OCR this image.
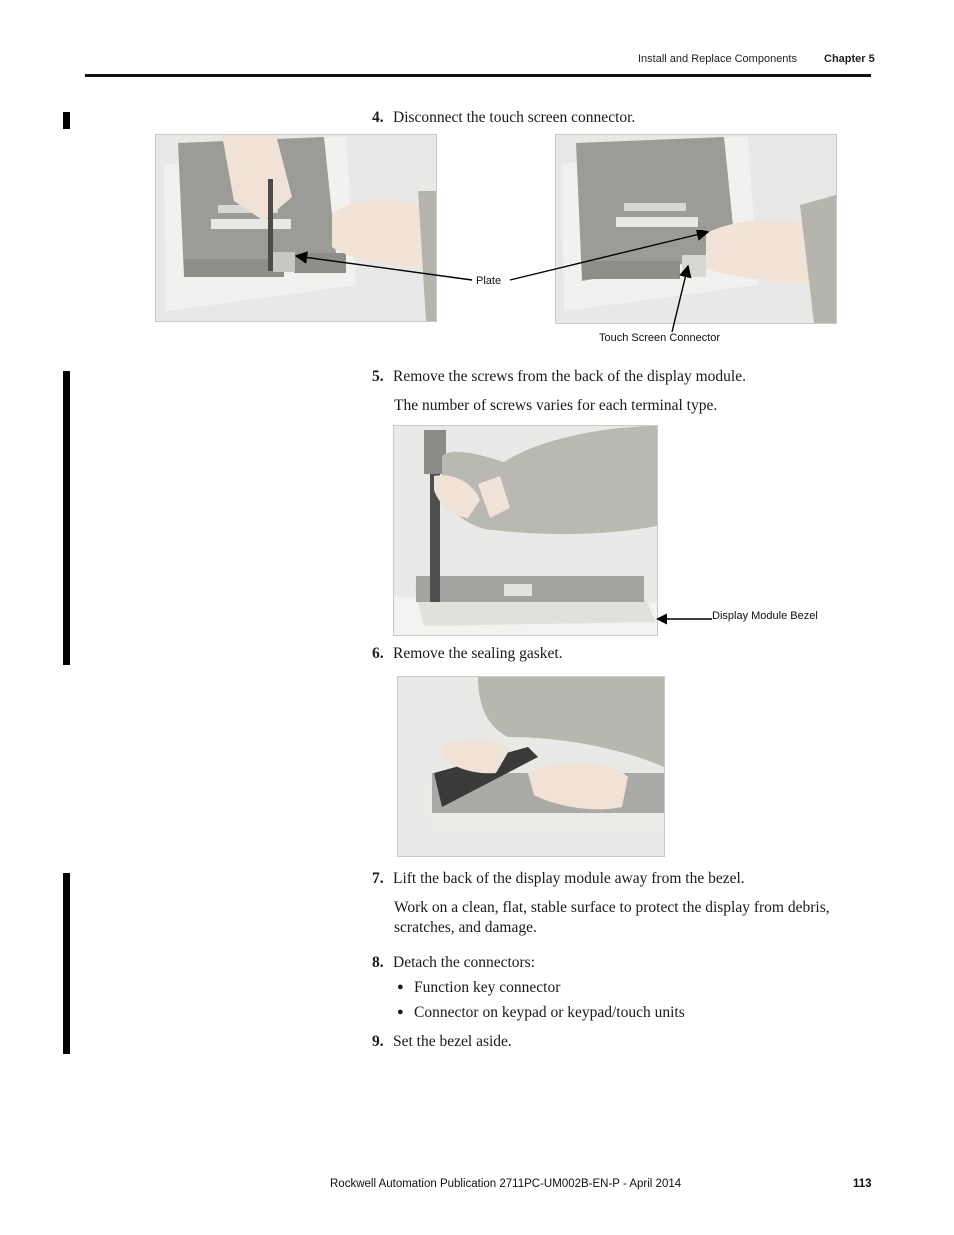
Install and Replace Components Chapter 5
4. Disconnect the touch screen connector.
Plate
Touch Screen Connector
5. Remove the screws from the back of the display module.
The number of screws varies for each terminal type.
Display Module Bezel
6. Remove the sealing gasket.
7. Lift the back of the display module away from the bezel.
Work on a clean, flat, stable surface to protect the display from debris,
scratches, and damage.
8. Detach the connectors:
● Function key connector
● Connector on keypad or keypad/touch units
9. Set the bezel aside.
Rockwell Automation Publication 2711PC-UM002B-EN-P - April 2014	113
